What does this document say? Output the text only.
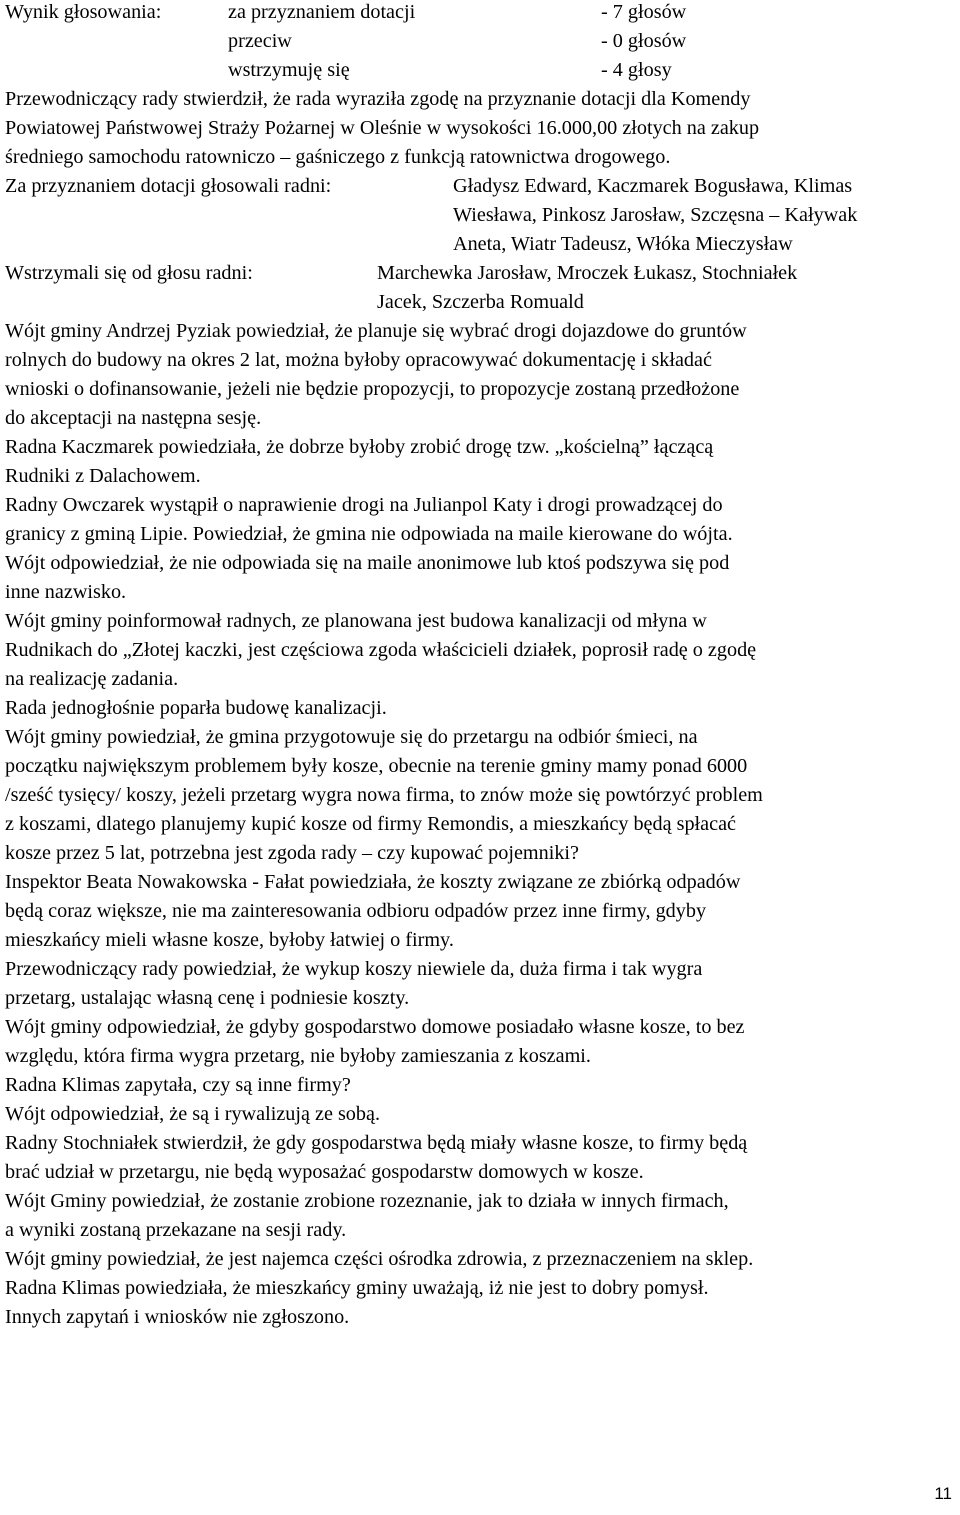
Wynik głosowania:	za przyznaniem dotacji	- 7 głosów
przeciw	- 0 głosów
wstrzymuję się	- 4 głosy
Przewodniczący rady stwierdził, że rada wyraziła zgodę na przyznanie dotacji dla Komendy
Powiatowej Państwowej Straży Pożarnej w Oleśnie w wysokości 16.000,00 złotych na zakup
średniego samochodu ratowniczo – gaśniczego z funkcją ratownictwa drogowego.
Za przyznaniem dotacji głosowali radni:	Gładysz Edward, Kaczmarek Bogusława, Klimas
Wiesława, Pinkosz Jarosław, Szczęsna – Kaływak
Aneta, Wiatr Tadeusz, Włóka Mieczysław
Wstrzymali się od głosu radni:	Marchewka Jarosław, Mroczek Łukasz, Stochniałek
Jacek, Szczerba Romuald
Wójt gminy Andrzej Pyziak powiedział, że planuje się wybrać drogi dojazdowe do gruntów
rolnych do budowy na okres 2 lat, można byłoby opracowywać dokumentację i składać
wnioski o dofinansowanie, jeżeli nie będzie propozycji, to propozycje zostaną przedłożone
do akceptacji na następna sesję.
Radna Kaczmarek powiedziała, że dobrze byłoby zrobić drogę tzw. „kościelną” łączącą
Rudniki z Dalachowem.
Radny Owczarek wystąpił o naprawienie drogi na Julianpol Katy i drogi prowadzącej do
granicy z gminą Lipie. Powiedział, że gmina nie odpowiada na maile kierowane do wójta.
Wójt odpowiedział, że nie odpowiada się na maile anonimowe lub ktoś podszywa się pod
inne nazwisko.
Wójt gminy poinformował radnych, ze planowana jest budowa kanalizacji od młyna w
Rudnikach do „Złotej kaczki, jest częściowa zgoda właścicieli działek, poprosił radę o zgodę
na realizację zadania.
Rada jednogłośnie poparła budowę kanalizacji.
Wójt gminy powiedział, że gmina przygotowuje się do przetargu na odbiór śmieci, na
początku największym problemem były kosze, obecnie na terenie gminy mamy ponad 6000
/sześć tysięcy/ koszy, jeżeli przetarg wygra nowa firma, to znów może się powtórzyć problem
z koszami, dlatego planujemy kupić kosze od firmy Remondis, a mieszkańcy będą spłacać
kosze przez 5 lat, potrzebna jest zgoda rady – czy kupować pojemniki?
Inspektor Beata Nowakowska - Fałat powiedziała, że koszty związane ze zbiórką odpadów
będą coraz większe, nie ma zainteresowania odbioru odpadów przez inne firmy, gdyby
mieszkańcy mieli własne kosze, byłoby łatwiej o firmy.
Przewodniczący rady powiedział, że wykup koszy niewiele da, duża firma i tak wygra
przetarg, ustalając własną cenę i podniesie koszty.
Wójt gminy odpowiedział, że gdyby gospodarstwo domowe posiadało własne kosze, to bez
względu, która firma wygra przetarg, nie byłoby zamieszania z koszami.
Radna Klimas zapytała, czy są inne firmy?
Wójt odpowiedział, że są i rywalizują ze sobą.
Radny Stochniałek stwierdził, że gdy gospodarstwa będą miały własne kosze, to firmy będą
brać udział w przetargu, nie będą wyposażać gospodarstw domowych w kosze.
Wójt Gminy powiedział, że zostanie zrobione rozeznanie, jak to działa w innych firmach,
a wyniki zostaną przekazane na sesji rady.
Wójt gminy powiedział, że jest najemca części ośrodka zdrowia, z przeznaczeniem na sklep.
Radna Klimas powiedziała, że mieszkańcy gminy uważają, iż nie jest to dobry pomysł.
Innych zapytań i wniosków nie zgłoszono.
11
